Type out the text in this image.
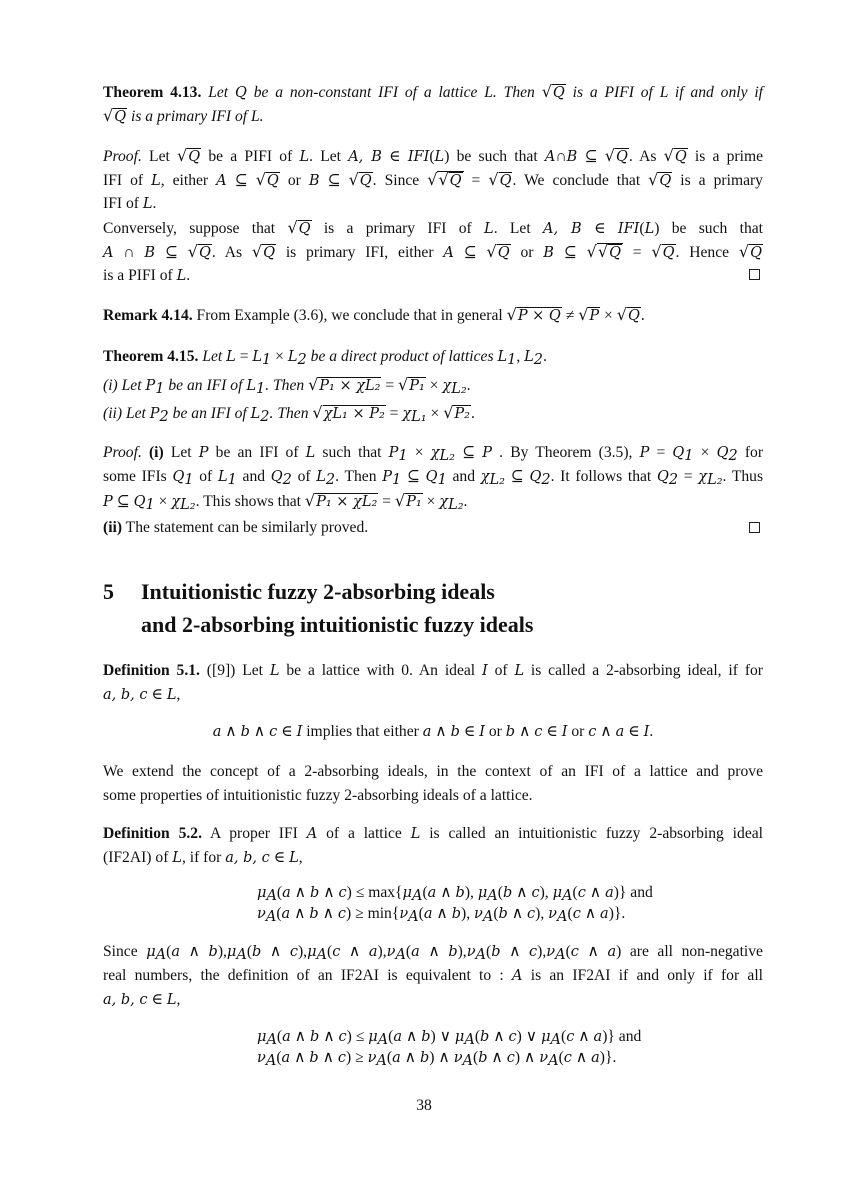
Theorem 4.13. Let Q be a non-constant IFI of a lattice L. Then √Q is a PIFI of L if and only if
√Q is a primary IFI of L.
Proof. Let √Q be a PIFI of L. Let A, B ∈ IFI(L) be such that A∩B ⊆ √Q. As √Q is a prime
IFI of L, either A ⊆ √Q or B ⊆ √Q. Since √√Q = √Q. We conclude that √Q is a primary
IFI of L.
Conversely, suppose that √Q is a primary IFI of L. Let A, B ∈ IFI(L) be such that
A ∩ B ⊆ √Q. As √Q is primary IFI, either A ⊆ √Q or B ⊆ √√Q = √Q. Hence √Q
is a PIFI of L.
Remark 4.14. From Example (3.6), we conclude that in general √P × Q ≠ √P × √Q.
Theorem 4.15. Let $L = L_1 \times L_2$ be a direct product of lattices $L_1$, $L_2$.
(i) Let $P_1$ be an IFI of $L_1$. Then $√P_1 \times \chi L_2 = √P_1 \times \chi_{L_2}$.
(ii) Let $P_2$ be an IFI of $L_2$. Then $√\chi L_1 \times P_2 = \chi_{L_1} \times √P_2$.
Proof. (i) Let P be an IFI of L such that $P_1 \times \chi_{L_2}$ ⊆ P . By Theorem (3.5), $P = Q_1 \times Q_2$ for
some IFIs $Q_1$ of $L_1$ and $Q_2$ of $L_2$. Then $P_1$ ⊆ $Q_1$ and $\chi_{L_2}$ ⊆ $Q_2$. It follows that $Q_2 = \chi_{L_2}$. Thus
P ⊆ $Q_1 \times \chi_{L_2}$. This shows that $√P_1 \times \chi L_2 = √P_1 \times \chi_{L_2}$.
(ii) The statement can be similarly proved.
5 Intuitionistic fuzzy 2-absorbing ideals
and 2-absorbing intuitionistic fuzzy ideals
Definition 5.1. ([9]) Let L be a lattice with 0. An ideal I of L is called a 2-absorbing ideal, if for
a, b, c ∈ L,
a ∧ b ∧ c ∈ I implies that either a ∧ b ∈ I or b ∧ c ∈ I or c ∧ a ∈ I.
We extend the concept of a 2-absorbing ideals, in the context of an IFI of a lattice and prove
some properties of intuitionistic fuzzy 2-absorbing ideals of a lattice.
Definition 5.2. A proper IFI A of a lattice L is called an intuitionistic fuzzy 2-absorbing ideal
(IF2AI) of L, if for a, b, c ∈ L,
$\mu_A(a$ ∧ b ∧ $c) \le \max\{\mu_A(a$ ∧ b), $\mu_A(b$ ∧ c), $\mu_A(c$ ∧ a)} and
$\nu_A(a$ ∧ b ∧ $c) \ge \min\{\nu_A(a$ ∧ b), $\nu_A(b$ ∧ c), $\nu_A(c$ ∧ a)}.
Since $\mu_A(a$ ∧ $b),\mu_A(b$ ∧ $c),\mu_A(c$ ∧ $a),\nu_A(a$ ∧ $b),\nu_A(b$ ∧ $c),\nu_A(c$ ∧ a) are all non-negative
real numbers, the definition of an IF2AI is equivalent to : A is an IF2AI if and only if for all
a, b, c ∈ L,
$\mu_A(a$ ∧ b ∧ $c) \le \mu_A(a$ ∧ b) ∨ $\mu_A(b$ ∧ c) ∨ $\mu_A(c$ ∧ a)} and
$\nu_A(a$ ∧ b ∧ $c) \ge \nu_A(a$ ∧ b) ∧ $\nu_A(b$ ∧ c) ∧ $\nu_A(c$ ∧ a)}.
38
